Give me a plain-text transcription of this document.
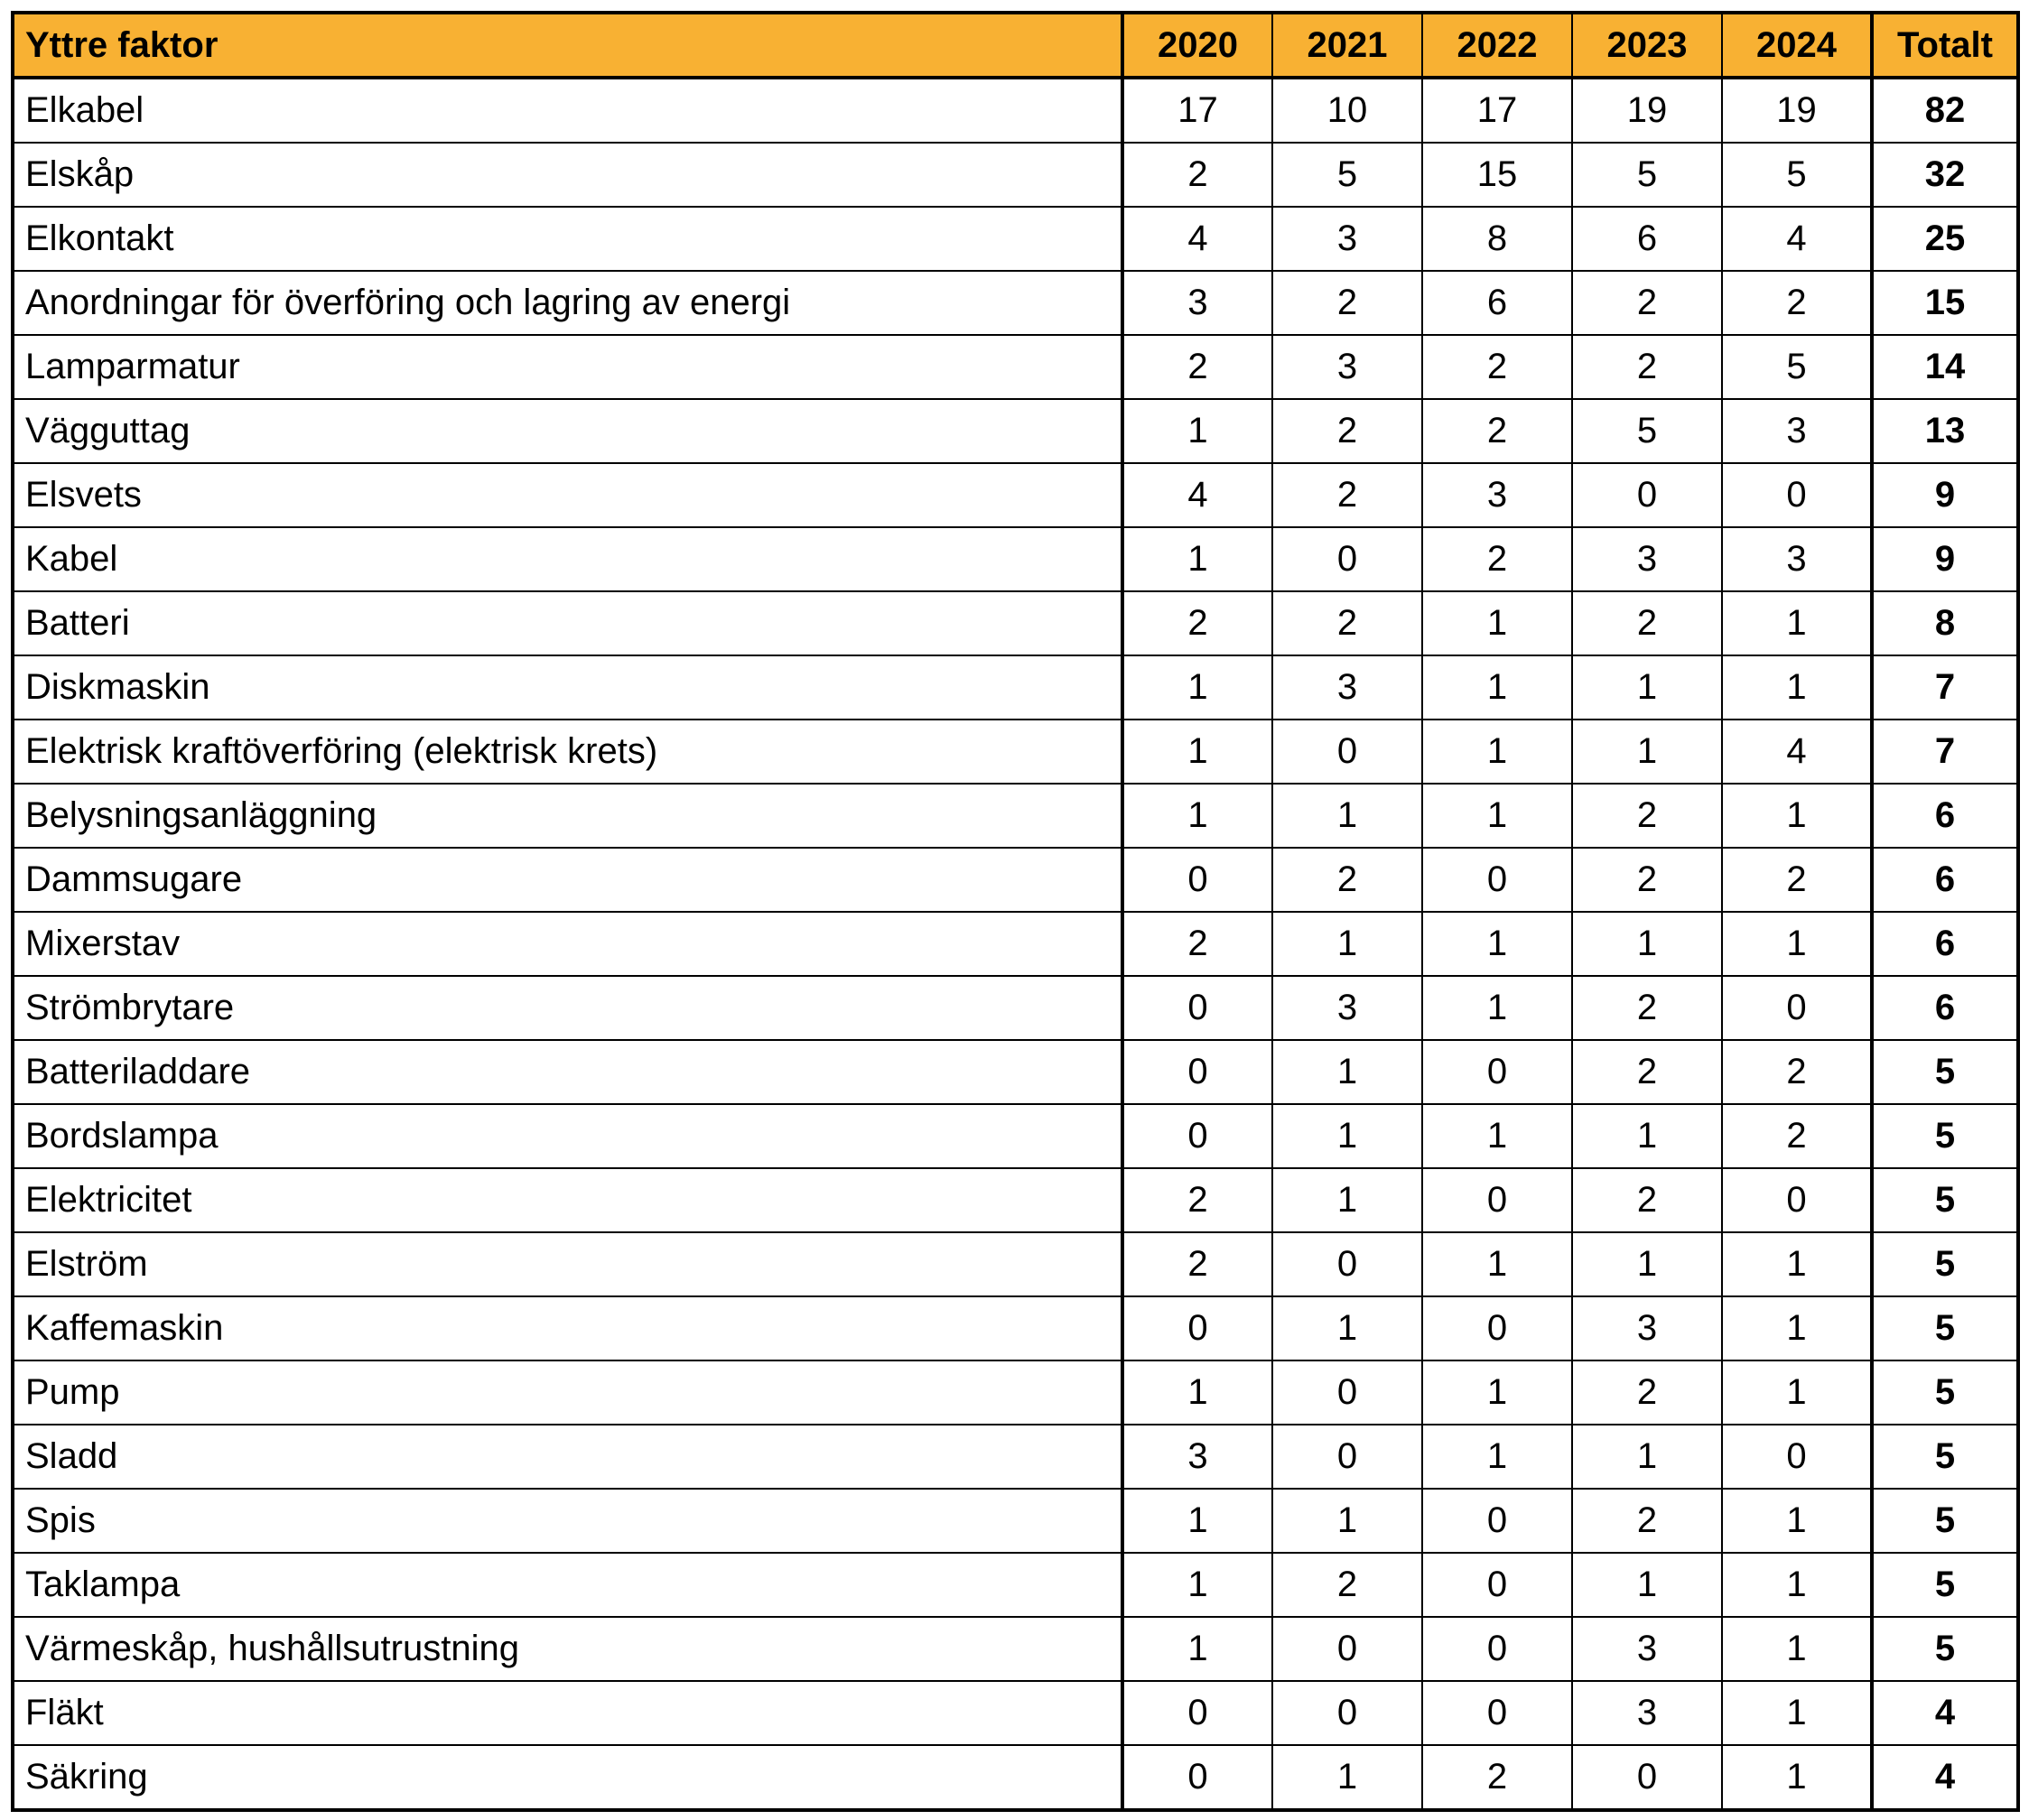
Yttre faktor	2020	2021	2022	2023	2024	Totalt
Elkabel	17	10	17	19	19	82
Elskåp	2	5	15	5	5	32
Elkontakt	4	3	8	6	4	25
Anordningar för överföring och lagring av energi	3	2	6	2	2	15
Lamparmatur	2	3	2	2	5	14
Vägguttag	1	2	2	5	3	13
Elsvets	4	2	3	0	0	9
Kabel	1	0	2	3	3	9
Batteri	2	2	1	2	1	8
Diskmaskin	1	3	1	1	1	7
Elektrisk kraftöverföring (elektrisk krets)	1	0	1	1	4	7
Belysningsanläggning	1	1	1	2	1	6
Dammsugare	0	2	0	2	2	6
Mixerstav	2	1	1	1	1	6
Strömbrytare	0	3	1	2	0	6
Batteriladdare	0	1	0	2	2	5
Bordslampa	0	1	1	1	2	5
Elektricitet	2	1	0	2	0	5
Elström	2	0	1	1	1	5
Kaffemaskin	0	1	0	3	1	5
Pump	1	0	1	2	1	5
Sladd	3	0	1	1	0	5
Spis	1	1	0	2	1	5
Taklampa	1	2	0	1	1	5
Värmeskåp, hushållsutrustning	1	0	0	3	1	5
Fläkt	0	0	0	3	1	4
Säkring	0	1	2	0	1	4
